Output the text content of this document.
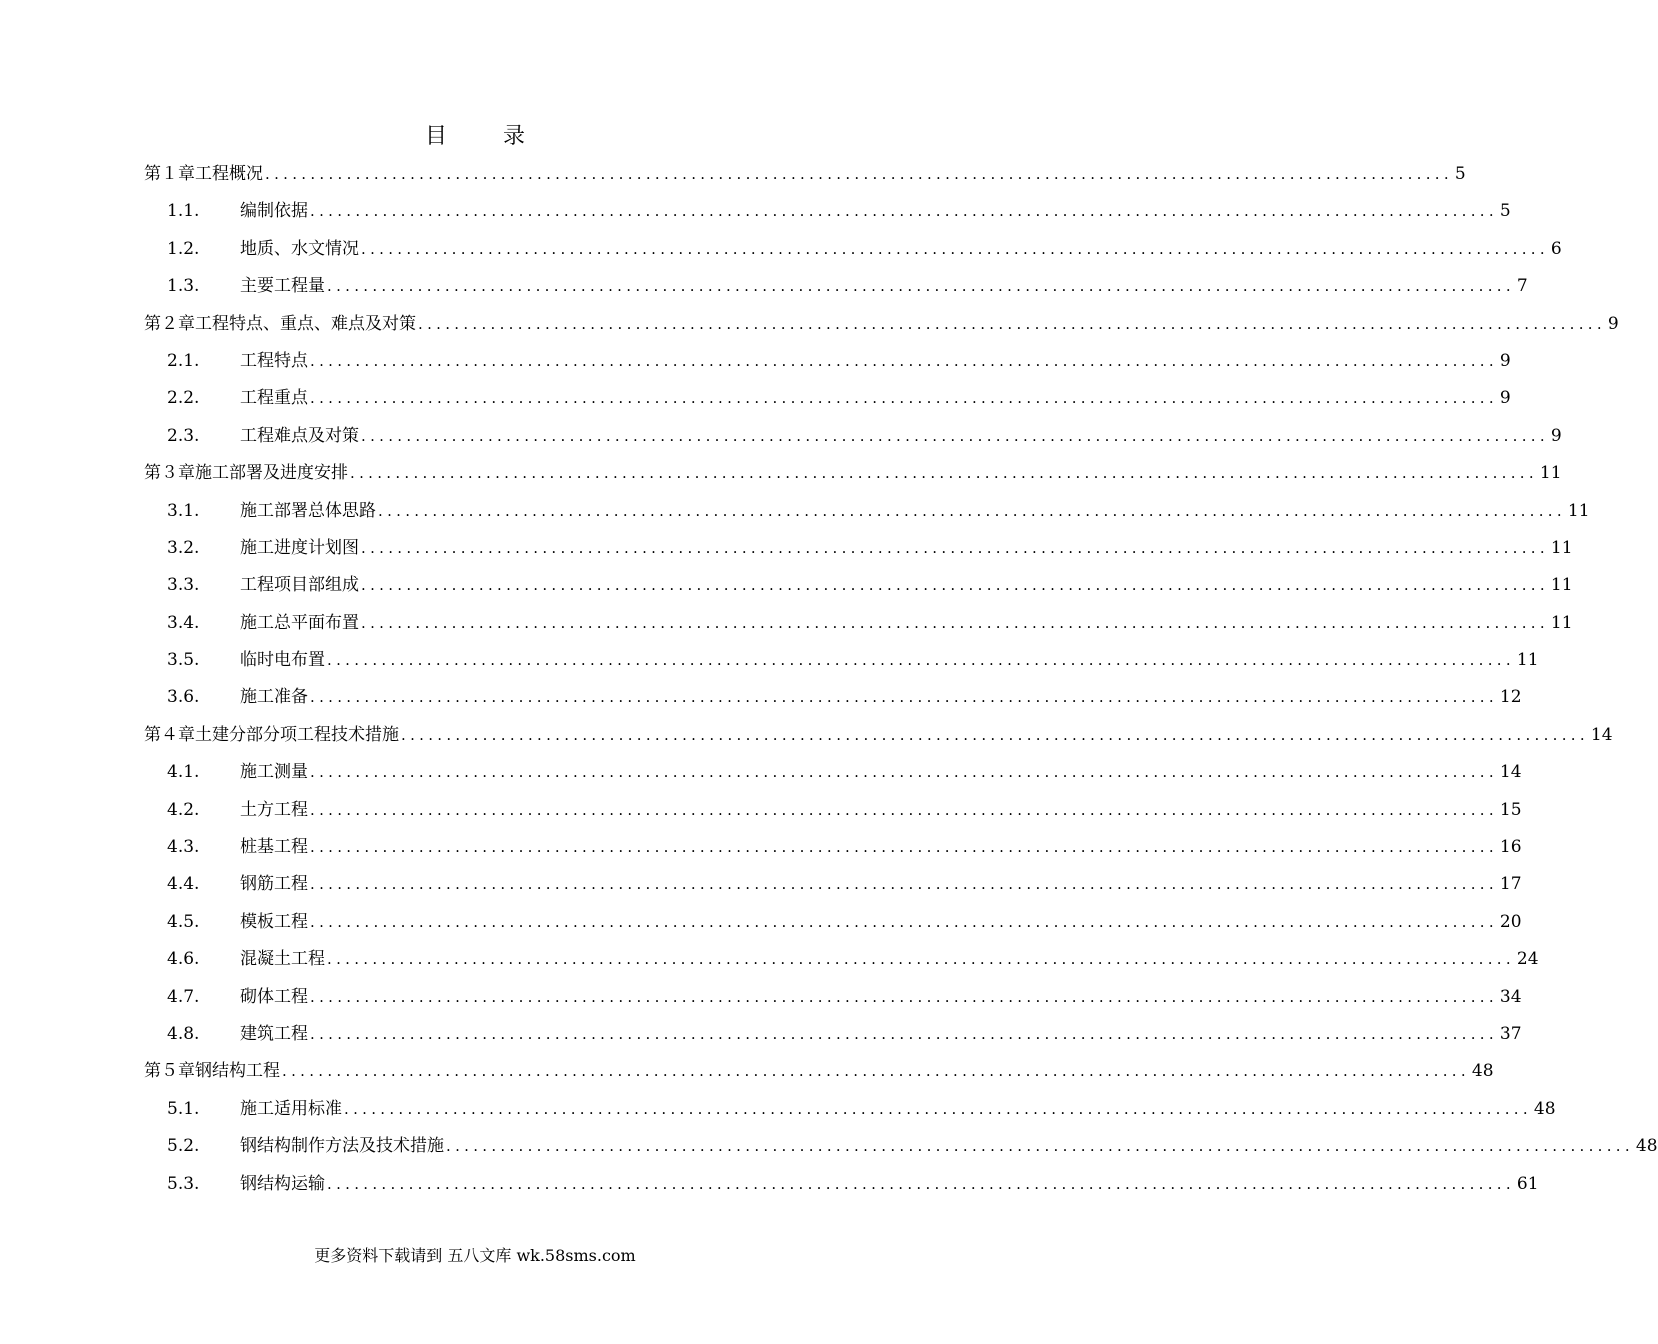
目	录
第１章工程概况 ................................................................................................................................... 5
1.1.	编制依据 ................................................................................................................................... 5
1.2.	地质、水文情况 ................................................................................................................................... 6
1.3.	主要工程量 ................................................................................................................................... 7
第２章工程特点、重点、难点及对策 ................................................................................................................................... 9
2.1.	工程特点 ................................................................................................................................... 9
2.2.	工程重点 ................................................................................................................................... 9
2.3.	工程难点及对策 ................................................................................................................................... 9
第３章施工部署及进度安排 ................................................................................................................................... 11
3.1.	施工部署总体思路 ................................................................................................................................... 11
3.2.	施工进度计划图 ................................................................................................................................... 11
3.3.	工程项目部组成 ................................................................................................................................... 11
3.4.	施工总平面布置 ................................................................................................................................... 11
3.5.	临时电布置 ................................................................................................................................... 11
3.6.	施工准备 ................................................................................................................................... 12
第４章土建分部分项工程技术措施 ................................................................................................................................... 14
4.1.	施工测量 ................................................................................................................................... 14
4.2.	土方工程 ................................................................................................................................... 15
4.3.	桩基工程 ................................................................................................................................... 16
4.4.	钢筋工程 ................................................................................................................................... 17
4.5.	模板工程 ................................................................................................................................... 20
4.6.	混凝土工程 ................................................................................................................................... 24
4.7.	砌体工程 ................................................................................................................................... 34
4.8.	建筑工程 ................................................................................................................................... 37
第５章钢结构工程 ................................................................................................................................... 48
5.1.	施工适用标准 ................................................................................................................................... 48
5.2.	钢结构制作方法及技术措施 ................................................................................................................................... 48
5.3.	钢结构运输 ................................................................................................................................... 61
更多资料下载请到 五八文库 wk.58sms.com
